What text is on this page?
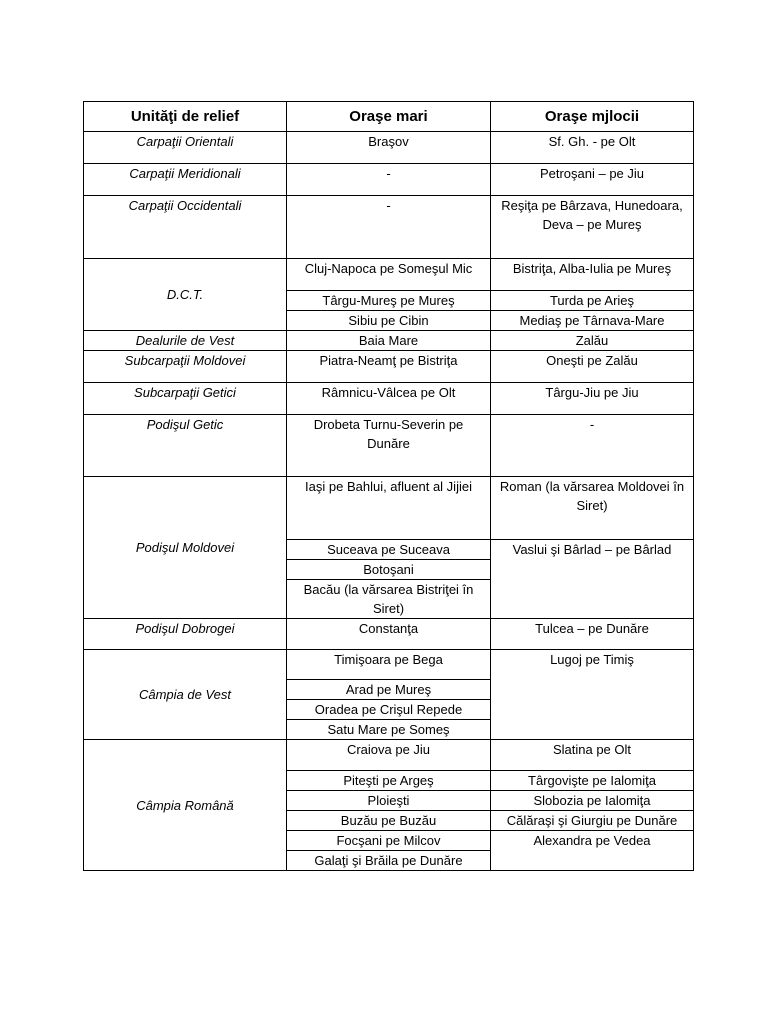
Unităţi de relief	Oraşe mari	Oraşe mjlocii
Carpaţii Orientali	Braşov	Sf. Gh. - pe Olt
Carpaţii Meridionali	-	Petroşani – pe Jiu
Carpaţii Occidentali	-	Reşiţa pe Bârzava, Hunedoara, Deva – pe Mureş
D.C.T.	Cluj-Napoca pe Someşul Mic	Bistriţa, Alba-Iulia pe Mureş
	Târgu-Mureş pe Mureş	Turda pe Arieş
	Sibiu pe Cibin	Mediaş pe Târnava-Mare
Dealurile de Vest	Baia Mare	Zalău
Subcarpaţii Moldovei	Piatra-Neamţ pe Bistriţa	Oneşti pe Zalău
Subcarpaţii Getici	Râmnicu-Vâlcea pe Olt	Târgu-Jiu pe Jiu
Podişul Getic	Drobeta Turnu-Severin pe Dunăre	-
Podişul Moldovei	Iaşi pe Bahlui, afluent al Jijiei	Roman (la vărsarea Moldovei în Siret)
	Suceava pe Suceava	Vaslui şi Bârlad – pe Bârlad
	Botoşani	
	Bacău (la vărsarea Bistriţei în Siret)	
Podişul Dobrogei	Constanţa	Tulcea – pe Dunăre
Câmpia de Vest	Timişoara pe Bega	Lugoj pe Timiş
	Arad pe Mureş	
	Oradea pe Crişul Repede	
	Satu Mare pe Someş	
Câmpia Română	Craiova pe Jiu	Slatina pe Olt
	Piteşti pe Argeş	Târgovişte pe Ialomiţa
	Ploieşti	Slobozia pe Ialomiţa
	Buzău pe Buzău	Călăraşi şi Giurgiu pe Dunăre
	Focşani pe Milcov	Alexandra pe Vedea
	Galaţi şi Brăila pe Dunăre	
